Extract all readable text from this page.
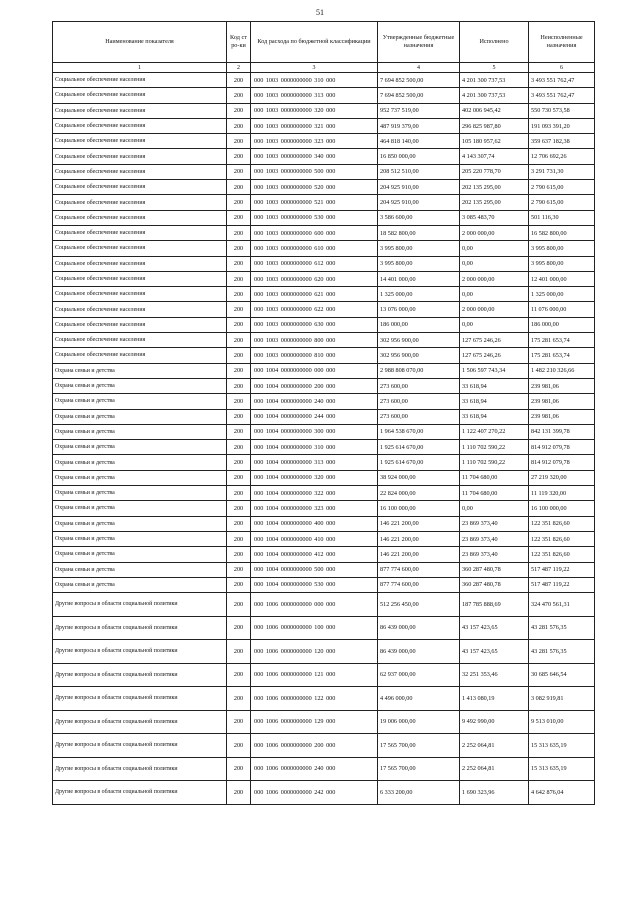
51
Наименование показателя	Код стро-ки	Код расхода по бюджетной классификации	Утвержденные бюджетные назначения	Исполнено	Неисполненные назначения
1	2	3	4	5	6
Социальное обеспечение населения	200	000 1003 0000000000 310 000	7 694 852 500,00	4 201 300 737,53	3 493 551 762,47
Социальное обеспечение населения	200	000 1003 0000000000 313 000	7 694 852 500,00	4 201 300 737,53	3 493 551 762,47
Социальное обеспечение населения	200	000 1003 0000000000 320 000	952 737 519,00	402 006 945,42	550 730 573,58
Социальное обеспечение населения	200	000 1003 0000000000 321 000	487 919 379,00	296 825 987,80	191 093 391,20
Социальное обеспечение населения	200	000 1003 0000000000 323 000	464 818 140,00	105 180 957,62	359 637 182,38
Социальное обеспечение населения	200	000 1003 0000000000 340 000	16 850 000,00	4 143 307,74	12 706 692,26
Социальное обеспечение населения	200	000 1003 0000000000 500 000	208 512 510,00	205 220 778,70	3 291 731,30
Социальное обеспечение населения	200	000 1003 0000000000 520 000	204 925 910,00	202 135 295,00	2 790 615,00
Социальное обеспечение населения	200	000 1003 0000000000 521 000	204 925 910,00	202 135 295,00	2 790 615,00
Социальное обеспечение населения	200	000 1003 0000000000 530 000	3 586 600,00	3 085 483,70	501 116,30
Социальное обеспечение населения	200	000 1003 0000000000 600 000	18 582 800,00	2 000 000,00	16 582 800,00
Социальное обеспечение населения	200	000 1003 0000000000 610 000	3 995 800,00	0,00	3 995 800,00
Социальное обеспечение населения	200	000 1003 0000000000 612 000	3 995 800,00	0,00	3 995 800,00
Социальное обеспечение населения	200	000 1003 0000000000 620 000	14 401 000,00	2 000 000,00	12 401 000,00
Социальное обеспечение населения	200	000 1003 0000000000 621 000	1 325 000,00	0,00	1 325 000,00
Социальное обеспечение населения	200	000 1003 0000000000 622 000	13 076 000,00	2 000 000,00	11 076 000,00
Социальное обеспечение населения	200	000 1003 0000000000 630 000	186 000,00	0,00	186 000,00
Социальное обеспечение населения	200	000 1003 0000000000 800 000	302 956 900,00	127 675 246,26	175 281 653,74
Социальное обеспечение населения	200	000 1003 0000000000 810 000	302 956 900,00	127 675 246,26	175 281 653,74
Охрана семьи и детства	200	000 1004 0000000000 000 000	2 988 808 070,00	1 506 597 743,34	1 482 210 326,66
Охрана семьи и детства	200	000 1004 0000000000 200 000	273 600,00	33 618,94	239 981,06
Охрана семьи и детства	200	000 1004 0000000000 240 000	273 600,00	33 618,94	239 981,06
Охрана семьи и детства	200	000 1004 0000000000 244 000	273 600,00	33 618,94	239 981,06
Охрана семьи и детства	200	000 1004 0000000000 300 000	1 964 538 670,00	1 122 407 270,22	842 131 399,78
Охрана семьи и детства	200	000 1004 0000000000 310 000	1 925 614 670,00	1 110 702 590,22	814 912 079,78
Охрана семьи и детства	200	000 1004 0000000000 313 000	1 925 614 670,00	1 110 702 590,22	814 912 079,78
Охрана семьи и детства	200	000 1004 0000000000 320 000	38 924 000,00	11 704 680,00	27 219 320,00
Охрана семьи и детства	200	000 1004 0000000000 322 000	22 824 000,00	11 704 680,00	11 119 320,00
Охрана семьи и детства	200	000 1004 0000000000 323 000	16 100 000,00	0,00	16 100 000,00
Охрана семьи и детства	200	000 1004 0000000000 400 000	146 221 200,00	23 869 373,40	122 351 826,60
Охрана семьи и детства	200	000 1004 0000000000 410 000	146 221 200,00	23 869 373,40	122 351 826,60
Охрана семьи и детства	200	000 1004 0000000000 412 000	146 221 200,00	23 869 373,40	122 351 826,60
Охрана семьи и детства	200	000 1004 0000000000 500 000	877 774 600,00	360 287 480,78	517 487 119,22
Охрана семьи и детства	200	000 1004 0000000000 530 000	877 774 600,00	360 287 480,78	517 487 119,22
Другие вопросы в области социальной политики	200	000 1006 0000000000 000 000	512 256 450,00	187 785 888,69	324 470 561,31
Другие вопросы в области социальной политики	200	000 1006 0000000000 100 000	86 439 000,00	43 157 423,65	43 281 576,35
Другие вопросы в области социальной политики	200	000 1006 0000000000 120 000	86 439 000,00	43 157 423,65	43 281 576,35
Другие вопросы в области социальной политики	200	000 1006 0000000000 121 000	62 937 000,00	32 251 353,46	30 685 646,54
Другие вопросы в области социальной политики	200	000 1006 0000000000 122 000	4 496 000,00	1 413 080,19	3 082 919,81
Другие вопросы в области социальной политики	200	000 1006 0000000000 129 000	19 006 000,00	9 492 990,00	9 513 010,00
Другие вопросы в области социальной политики	200	000 1006 0000000000 200 000	17 565 700,00	2 252 064,81	15 313 635,19
Другие вопросы в области социальной политики	200	000 1006 0000000000 240 000	17 565 700,00	2 252 064,81	15 313 635,19
Другие вопросы в области социальной политики	200	000 1006 0000000000 242 000	6 333 200,00	1 690 323,96	4 642 876,04
